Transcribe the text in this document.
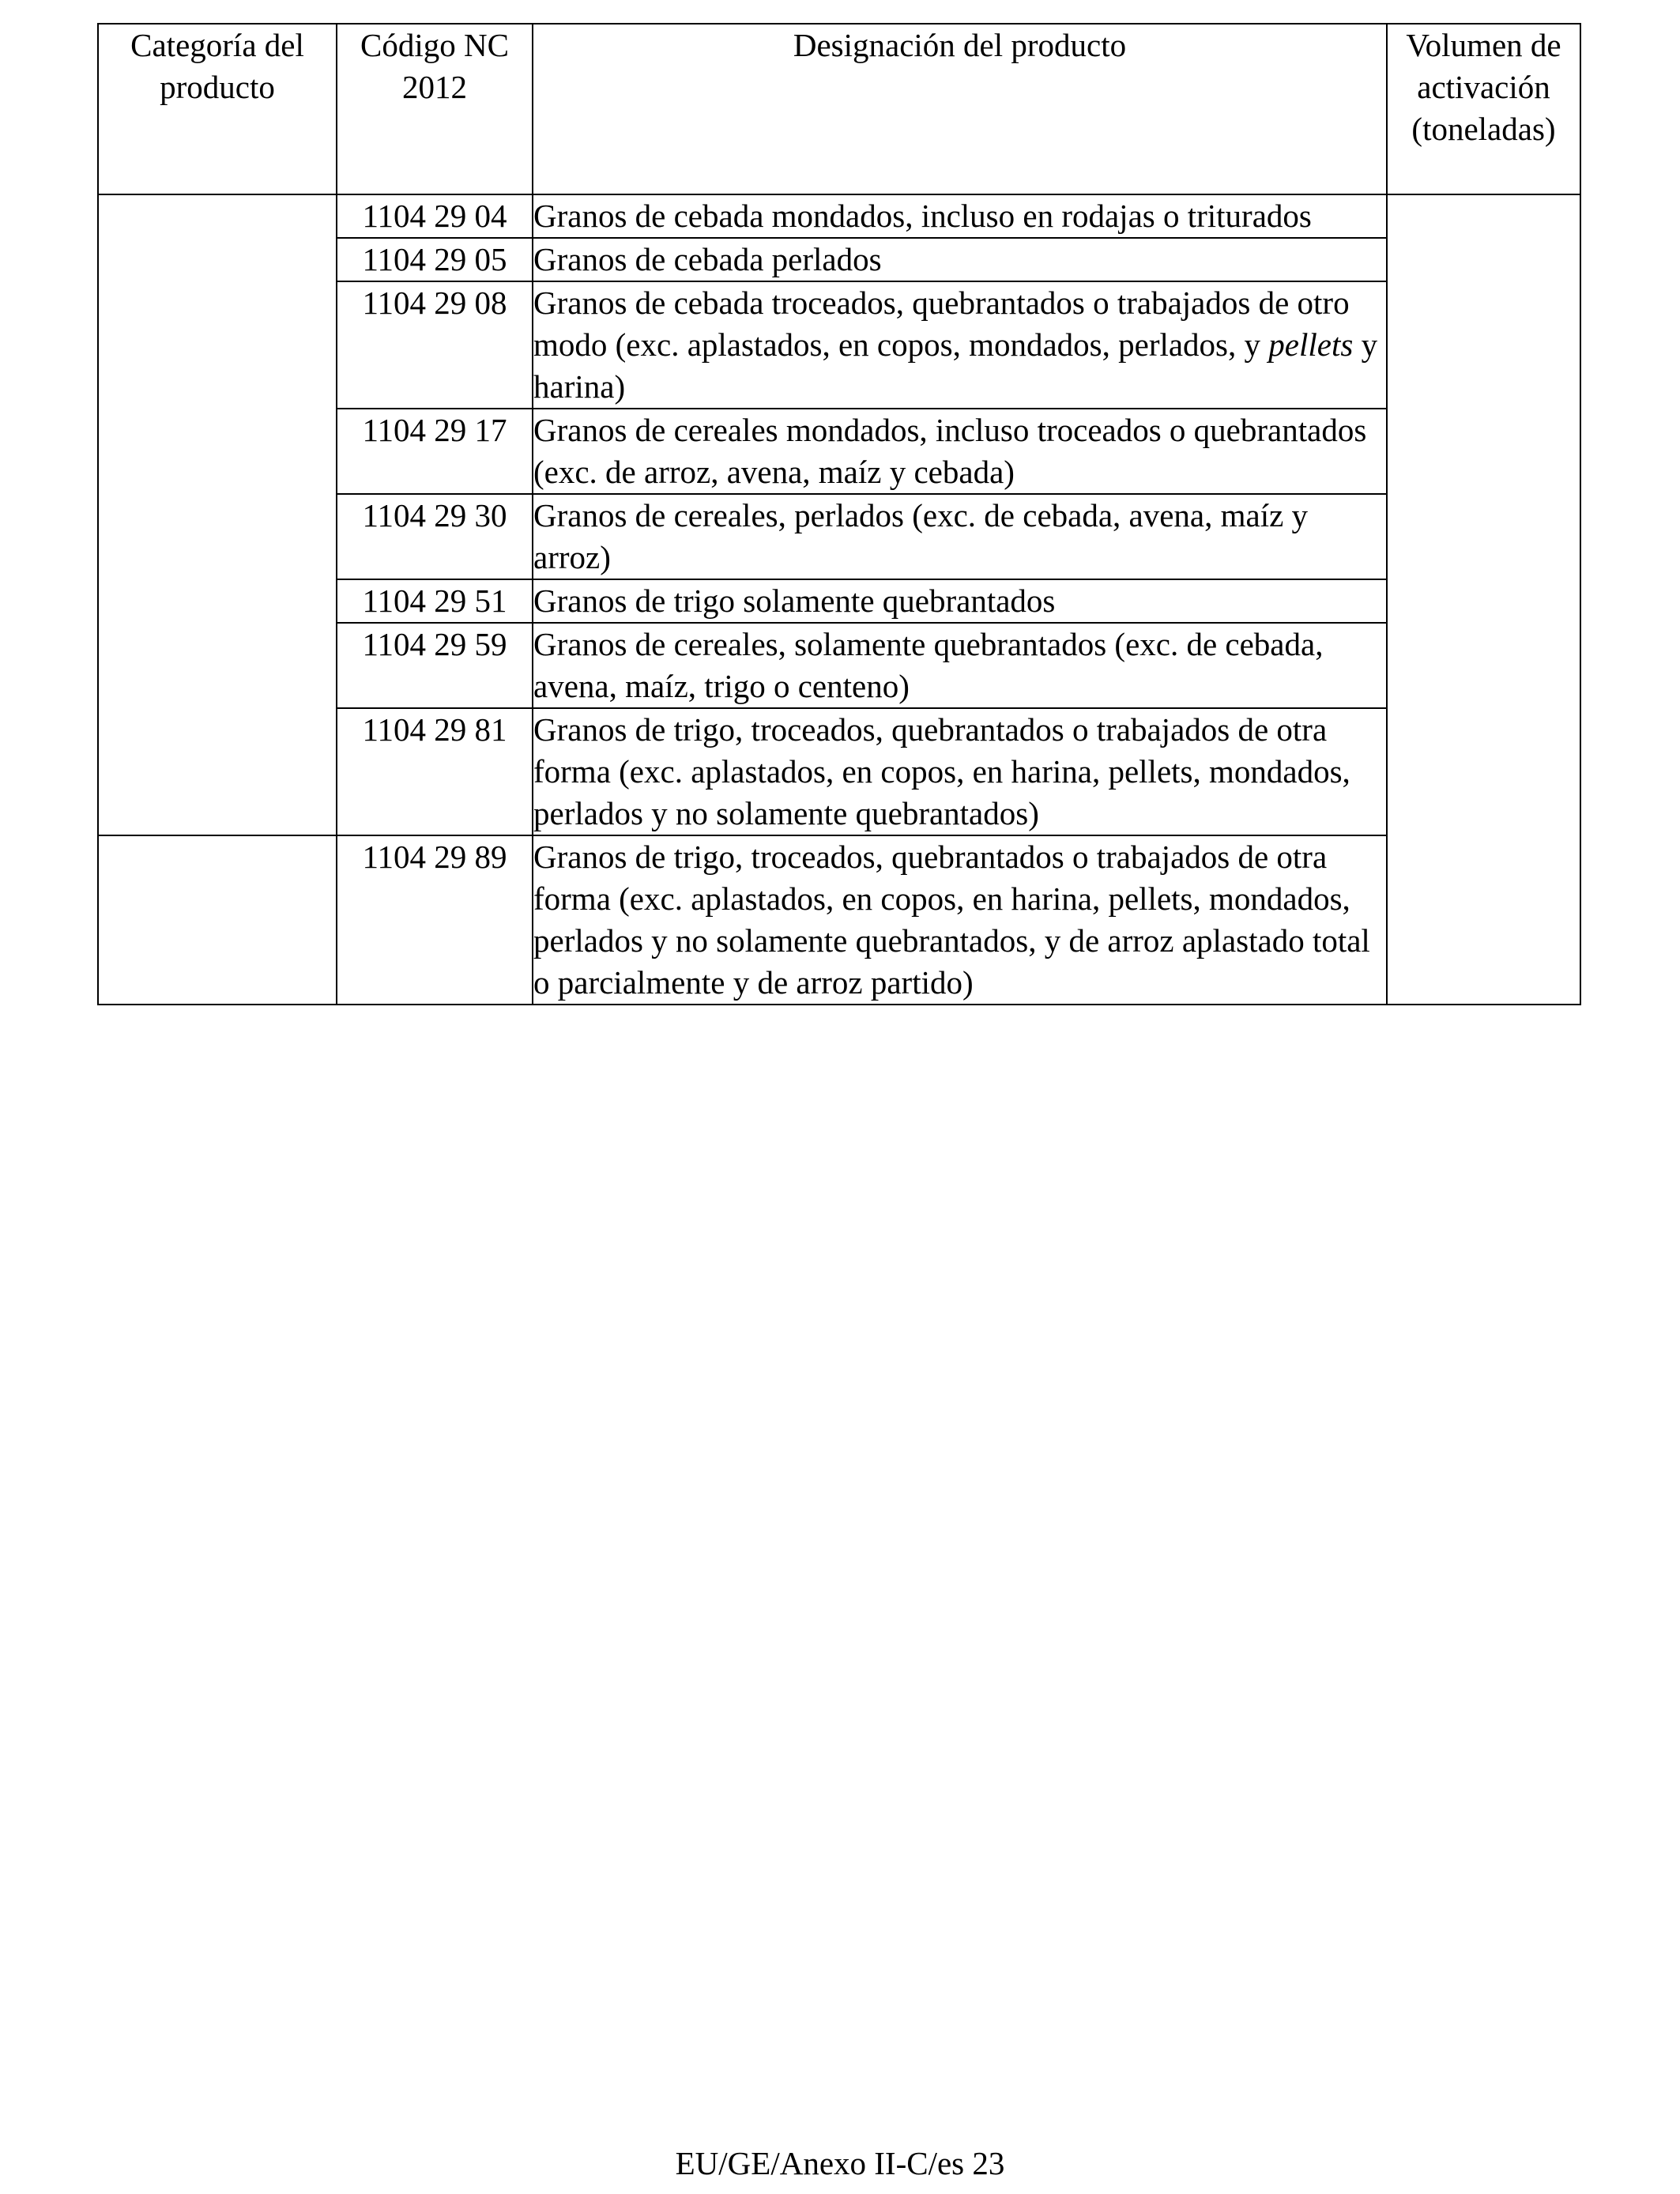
Categoría del producto	Código NC 2012	Designación del producto	Volumen de activación (toneladas)
	1104 29 04	Granos de cebada mondados, incluso en rodajas o triturados	
	1104 29 05	Granos de cebada perlados	
	1104 29 08	Granos de cebada troceados, quebrantados o trabajados de otro modo (exc. aplastados, en copos, mondados, perlados, y pellets y harina)	
	1104 29 17	Granos de cereales mondados, incluso troceados o quebrantados (exc. de arroz, avena, maíz y cebada)	
	1104 29 30	Granos de cereales, perlados (exc. de cebada, avena, maíz y arroz)	
	1104 29 51	Granos de trigo solamente quebrantados	
	1104 29 59	Granos de cereales, solamente quebrantados (exc. de cebada, avena, maíz, trigo o centeno)	
	1104 29 81	Granos de trigo, troceados, quebrantados o trabajados de otra forma (exc. aplastados, en copos, en harina, pellets, mondados, perlados y no solamente quebrantados)	
	1104 29 89	Granos de trigo, troceados, quebrantados o trabajados de otra forma (exc. aplastados, en copos, en harina, pellets, mondados, perlados y no solamente quebrantados, y de arroz aplastado total o parcialmente y de arroz partido)	
EU/GE/Anexo II-C/es 23
